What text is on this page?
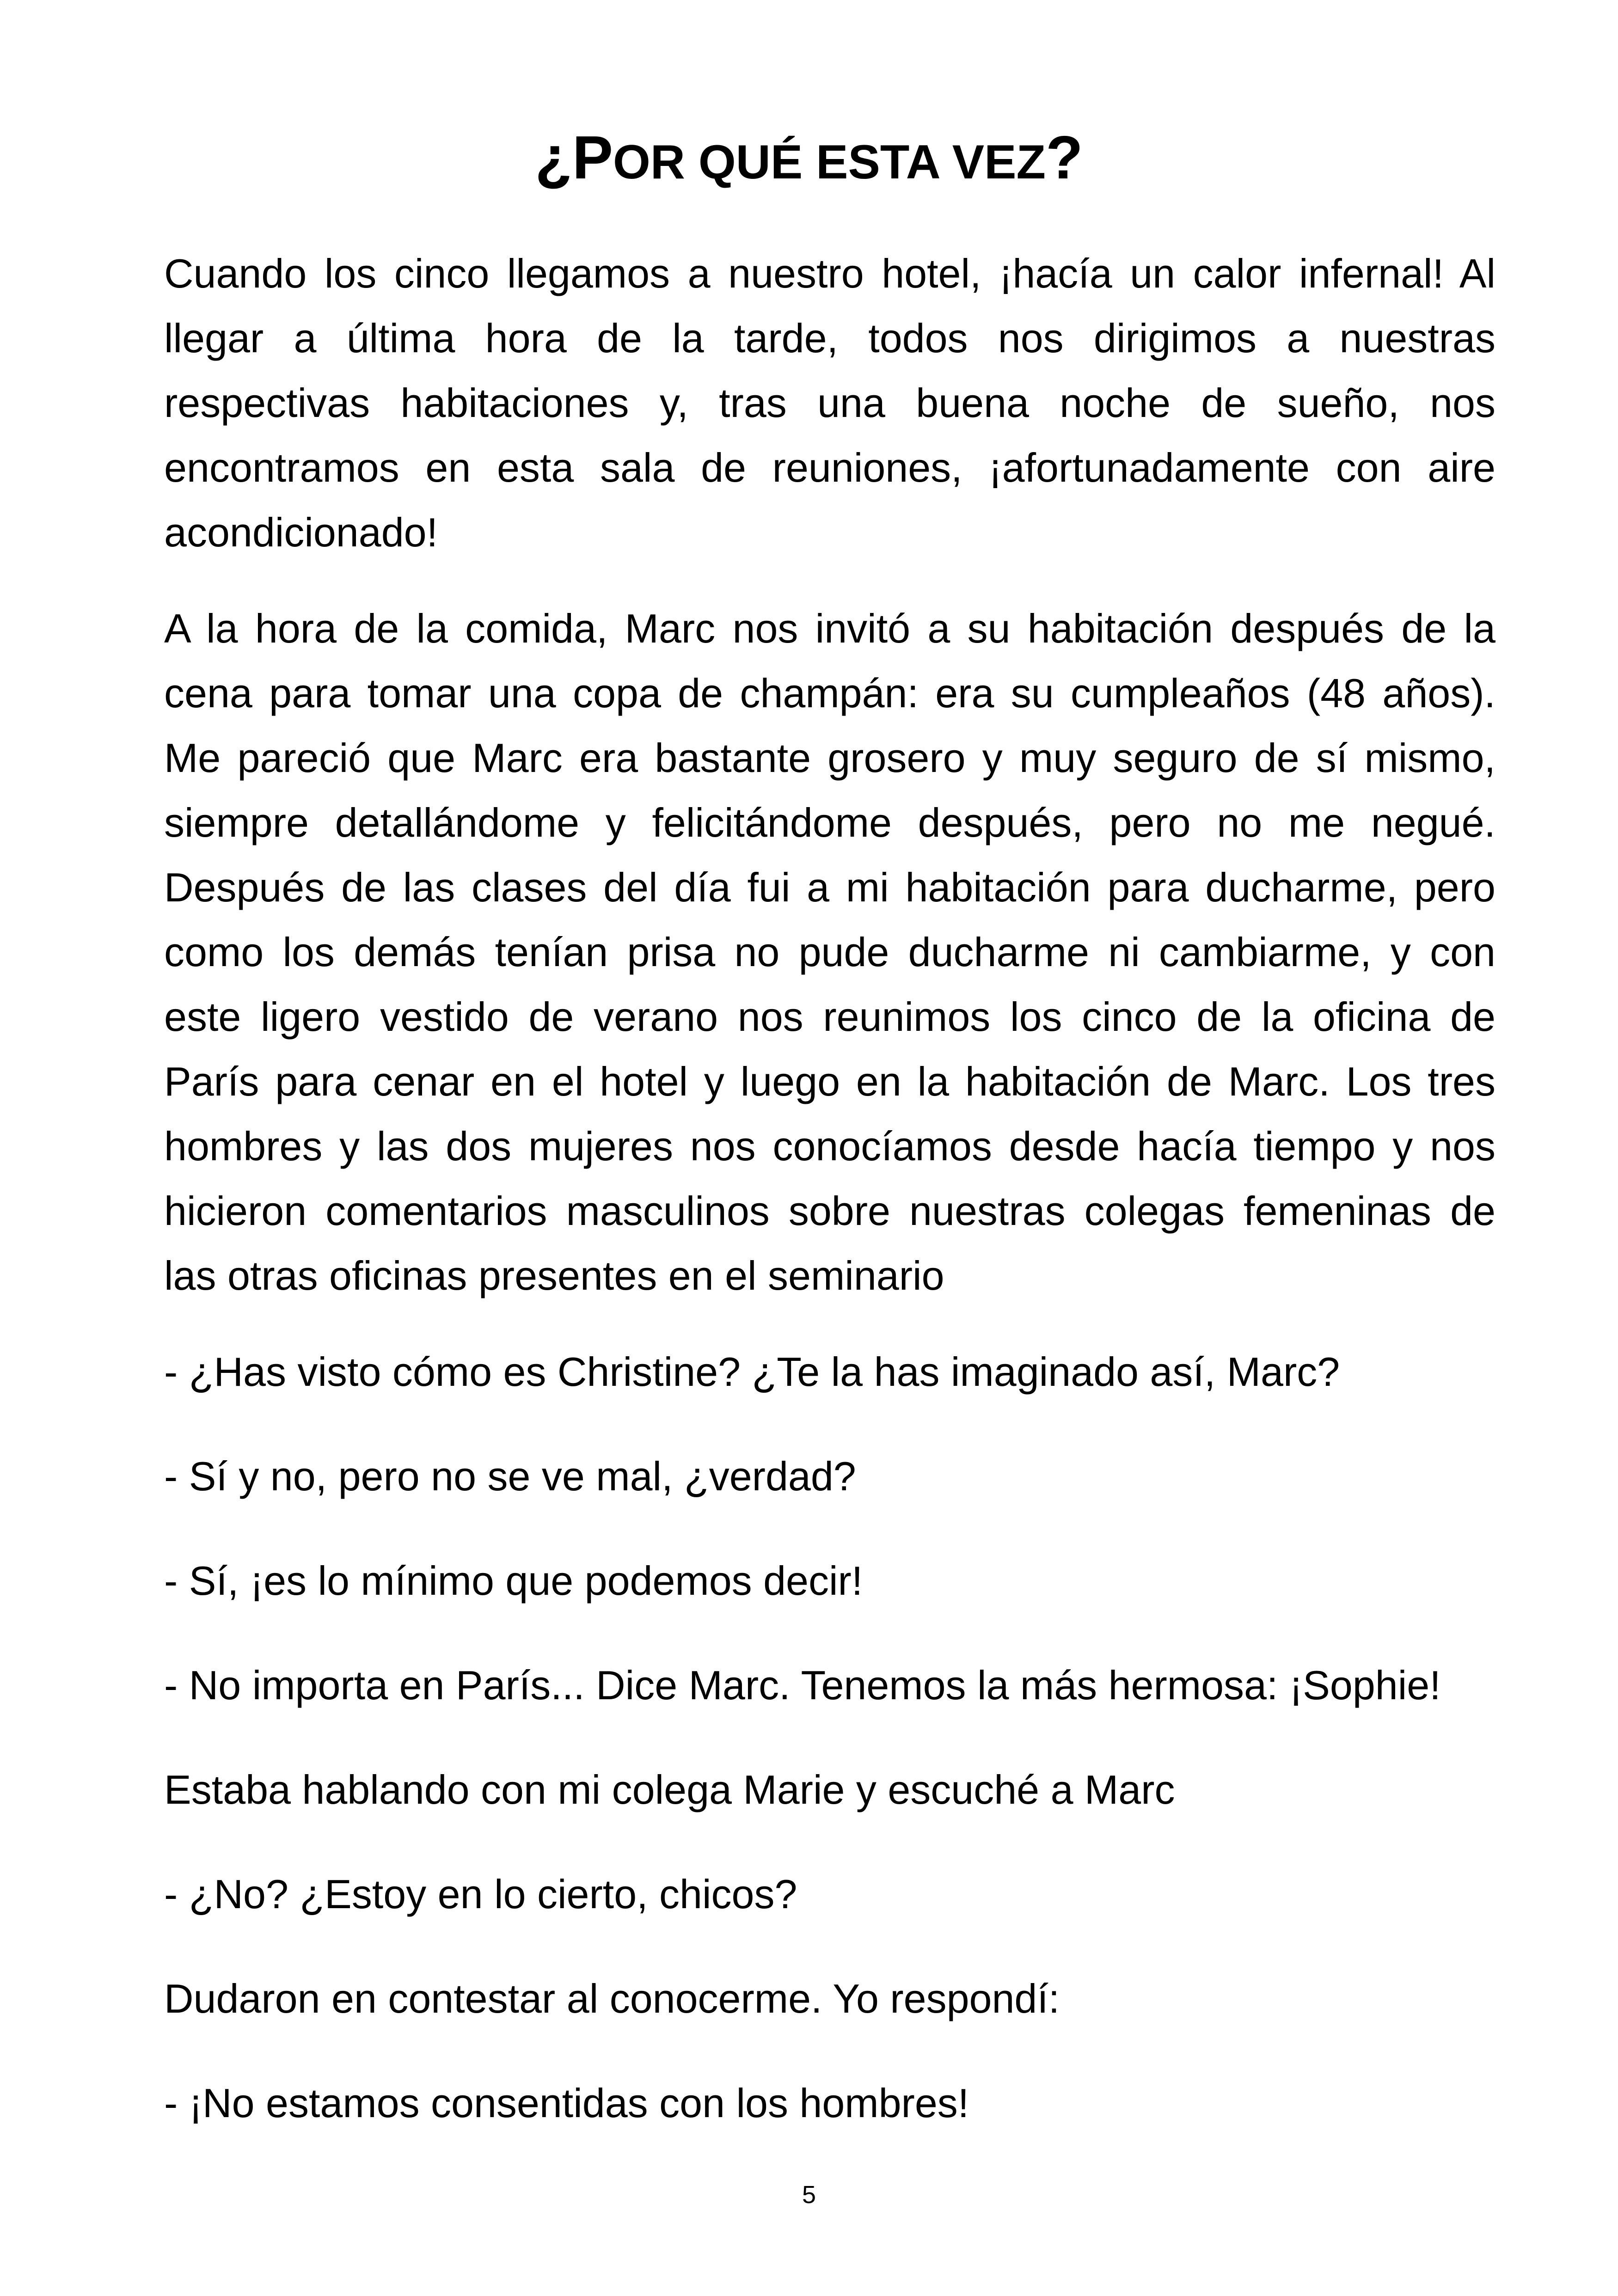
¿POR QUÉ ESTA VEZ?

Cuando los cinco llegamos a nuestro hotel, ¡hacía un calor infernal! Al llegar a última hora de la tarde, todos nos dirigimos a nuestras respectivas habitaciones y, tras una buena noche de sueño, nos encontramos en esta sala de reuniones, ¡afortunadamente con aire acondicionado!

A la hora de la comida, Marc nos invitó a su habitación después de la cena para tomar una copa de champán: era su cumpleaños (48 años). Me pareció que Marc era bastante grosero y muy seguro de sí mismo, siempre detallándome y felicitándome después, pero no me negué. Después de las clases del día fui a mi habitación para ducharme, pero como los demás tenían prisa no pude ducharme ni cambiarme, y con este ligero vestido de verano nos reunimos los cinco de la oficina de París para cenar en el hotel y luego en la habitación de Marc. Los tres hombres y las dos mujeres nos conocíamos desde hacía tiempo y nos hicieron comentarios masculinos sobre nuestras colegas femeninas de las otras oficinas presentes en el seminario

- ¿Has visto cómo es Christine? ¿Te la has imaginado así, Marc?

- Sí y no, pero no se ve mal, ¿verdad?

- Sí, ¡es lo mínimo que podemos decir!

- No importa en París... Dice Marc. Tenemos la más hermosa: ¡Sophie!

Estaba hablando con mi colega Marie y escuché a Marc

- ¿No? ¿Estoy en lo cierto, chicos?

Dudaron en contestar al conocerme. Yo respondí:

- ¡No estamos consentidas con los hombres!

5
